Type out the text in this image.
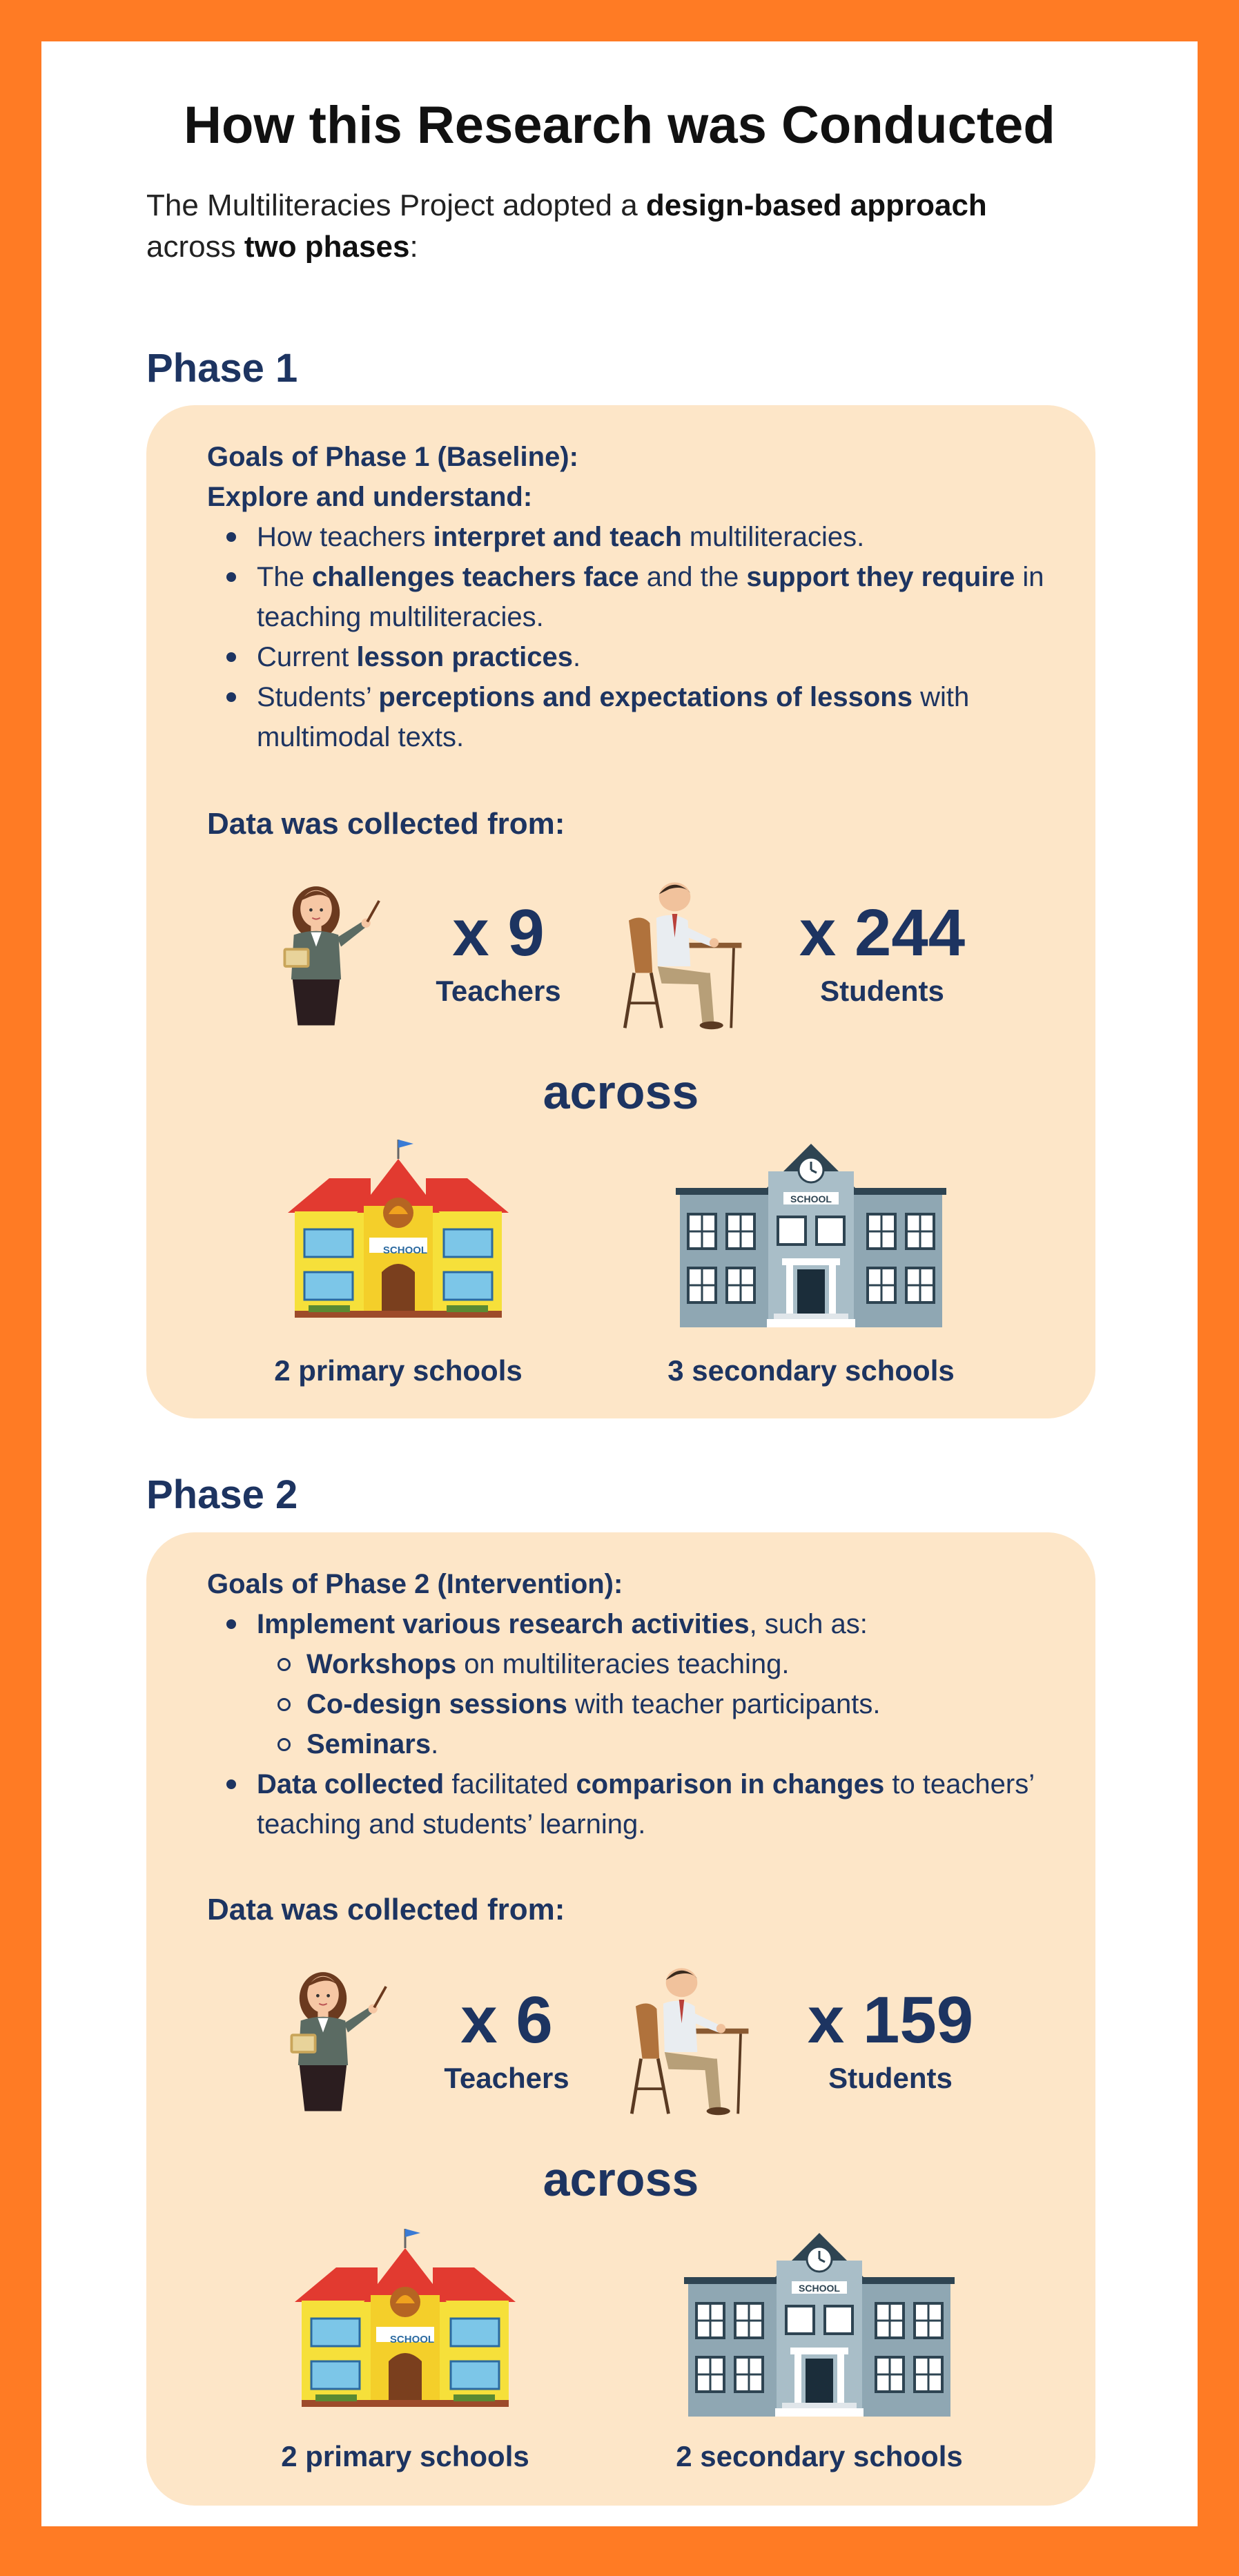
How this Research was Conducted
The Multiliteracies Project adopted a design-based approach
across two phases:
Phase 1
Goals of Phase 1 (Baseline):
Explore and understand:
How teachers interpret and teach multiliteracies.
The challenges teachers face and the support they require in teaching multiliteracies.
Current lesson practices.
Students’ perceptions and expectations of lessons with multimodal texts.
Data was collected from:
x 9
Teachers
x 244
Students
across
SCHOOL
SCHOOL
2 primary schools	3 secondary schools
Phase 2
Goals of Phase 2 (Intervention):
Implement various research activities, such as:
Workshops on multiliteracies teaching.
Co-design sessions with teacher participants.
Seminars.
Data collected facilitated comparison in changes to teachers’ teaching and students’ learning.
Data was collected from:
x 6
Teachers
x 159
Students
across
SCHOOL
SCHOOL
2 primary schools	2 secondary schools
